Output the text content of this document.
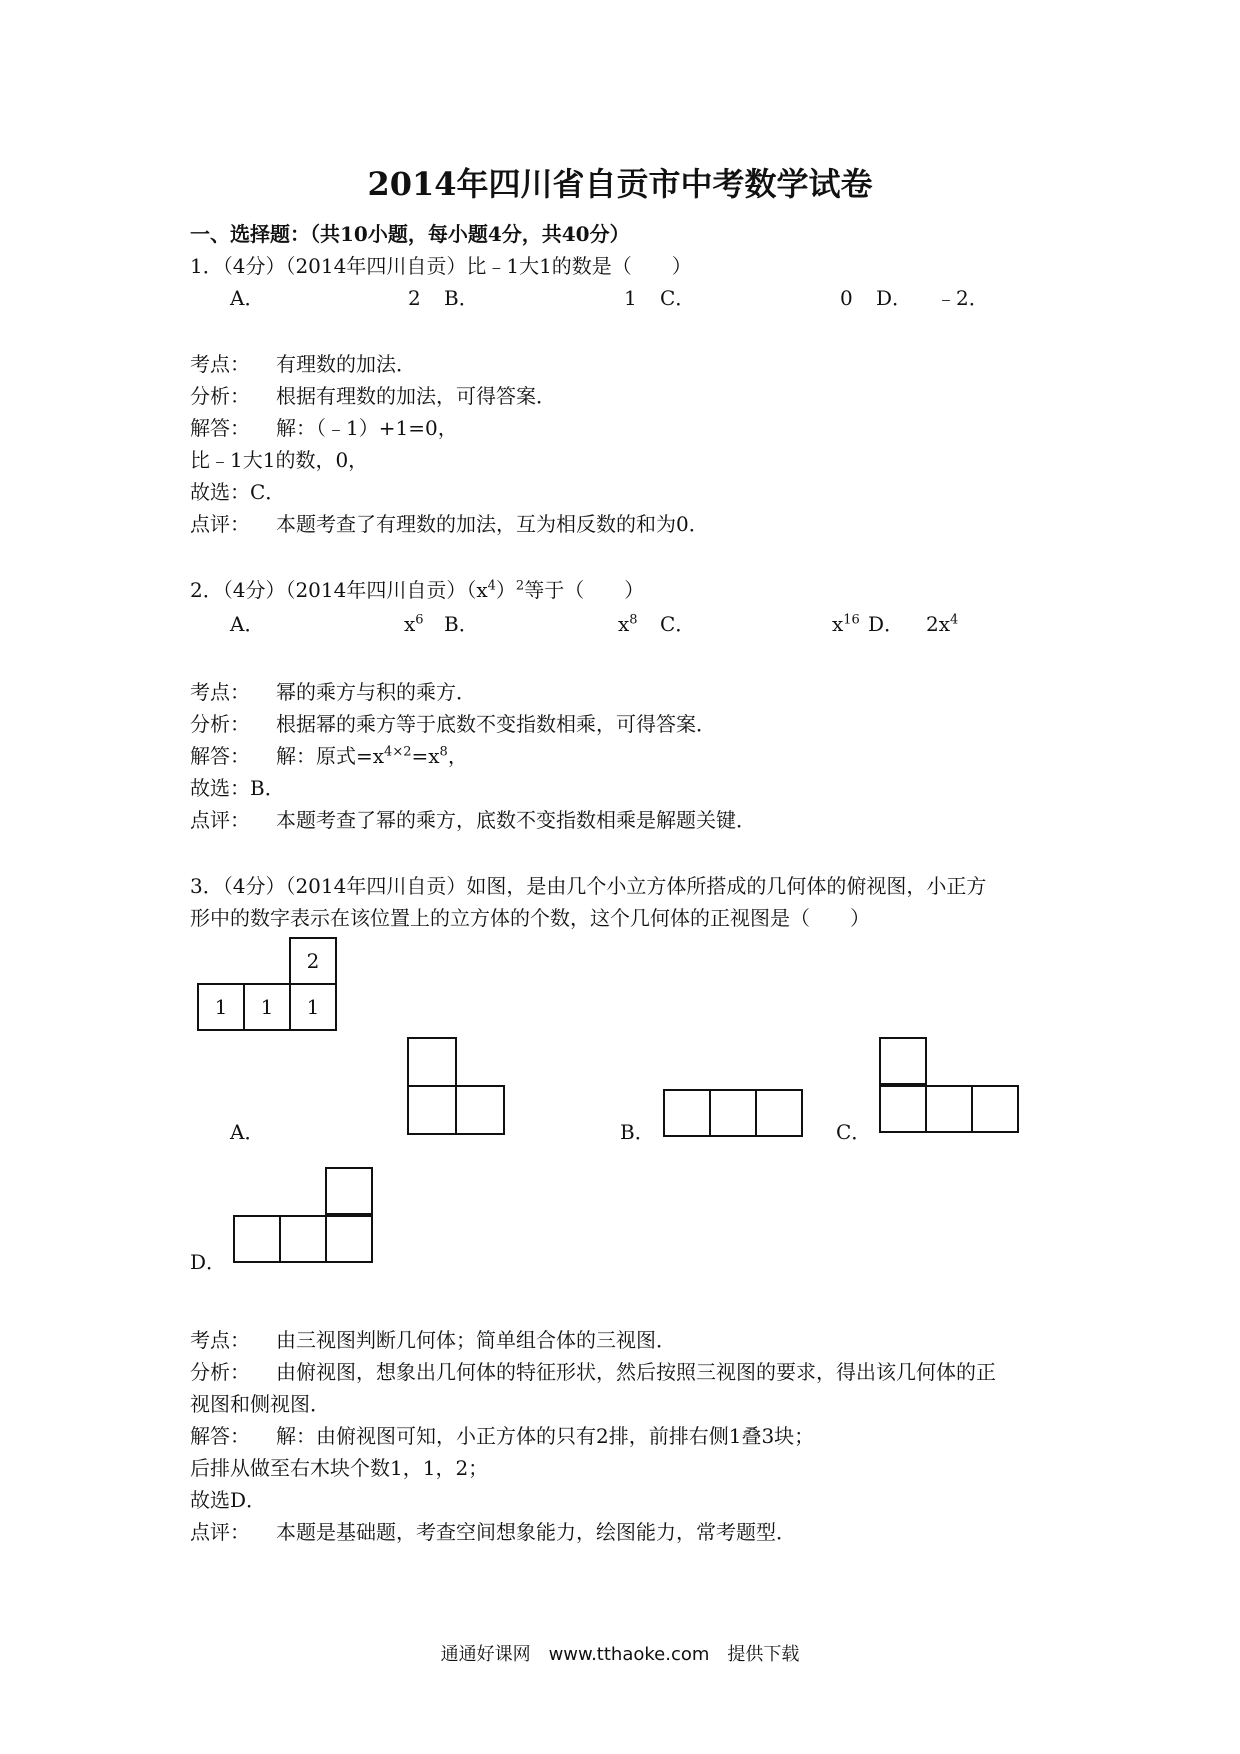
2014年四川省自贡市中考数学试卷
一、选择题：（共10小题，每小题4分，共40分）
1．（4分）（2014年四川自贡）比﹣1大1的数是（　　）
A．	2 B．	1 C．	0 D． ﹣2．
考点： 有理数的加法．
分析： 根据有理数的加法，可得答案．
解答： 解：（﹣1）+1=0，
比﹣1大1的数，0，
故选：C．
点评： 本题考查了有理数的加法，互为相反数的和为0．
2．（4分）（2014年四川自贡）$(x^4)^2$等于（　　）
A．	$x^6$ B．	$x^8$ C．	$x^{16}$ D． $2x^4$
考点： 幂的乘方与积的乘方．
分析： 根据幂的乘方等于底数不变指数相乘，可得答案．
解答： 解：原式$=x^{4\times 2}=x^8$，
故选：B．
点评： 本题考查了幂的乘方，底数不变指数相乘是解题关键．
3．（4分）（2014年四川自贡）如图，是由几个小立方体所搭成的几何体的俯视图，小正方
形中的数字表示在该位置上的立方体的个数，这个几何体的正视图是（　　）
2
1 1 1
A．	B．	C．
D．
考点： 由三视图判断几何体；简单组合体的三视图．
分析： 由俯视图，想象出几何体的特征形状，然后按照三视图的要求，得出该几何体的正
视图和侧视图．
解答： 解：由俯视图可知，小正方体的只有2排，前排右侧1叠3块；
后排从做至右木块个数1，1，2；
故选D．
点评： 本题是基础题，考查空间想象能力，绘图能力，常考题型．
通通好课网　www.tthaoke.com　提供下载
